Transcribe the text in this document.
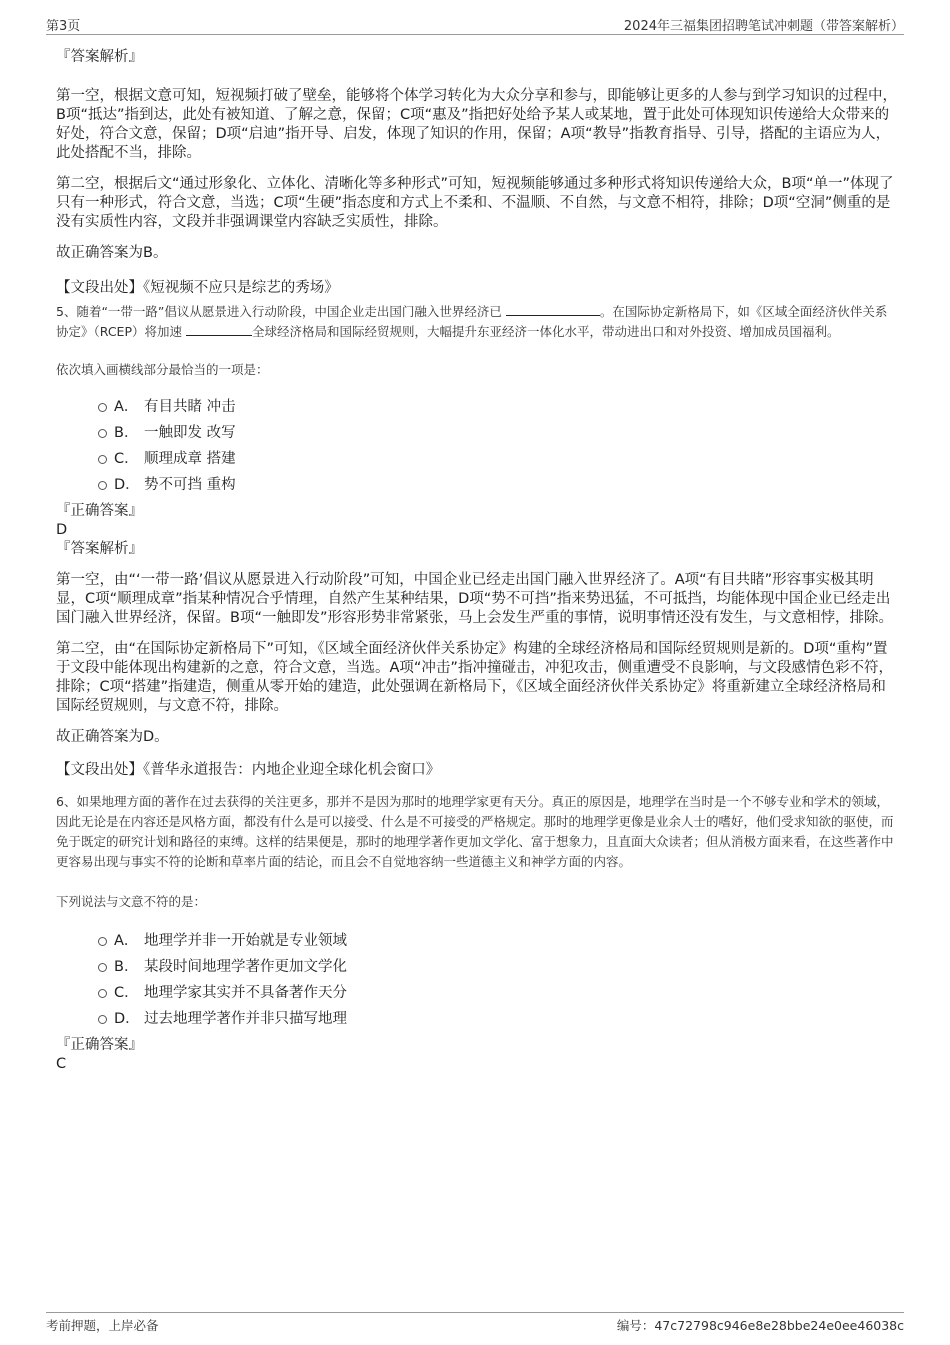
第3页	2024年三福集团招聘笔试冲刺题（带答案解析）

『答案解析』

第一空，根据文意可知，短视频打破了壁垒，能够将个体学习转化为大众分享和参与，即能够让更多的人参与到学习知识的过程中，B项“抵达”指到达，此处有被知道、了解之意，保留；C项“惠及”指把好处给予某人或某地，置于此处可体现知识传递给大众带来的好处，符合文意，保留；D项“启迪”指开导、启发，体现了知识的作用，保留；A项“教导”指教育指导、引导，搭配的主语应为人，此处搭配不当，排除。

第二空，根据后文“通过形象化、立体化、清晰化等多种形式”可知，短视频能够通过多种形式将知识传递给大众，B项“单一”体现了只有一种形式，符合文意，当选；C项“生硬”指态度和方式上不柔和、不温顺、不自然，与文意不相符，排除；D项“空洞”侧重的是没有实质性内容，文段并非强调课堂内容缺乏实质性，排除。

故正确答案为B。

【文段出处】《短视频不应只是综艺的秀场》

5、随着“一带一路”倡议从愿景进入行动阶段，中国企业走出国门融入世界经济已	。在国际协定新格局下，如《区域全面经济伙伴关系协定》（RCEP）将加速	全球经济格局和国际经贸规则，大幅提升东亚经济一体化水平，带动进出口和对外投资、增加成员国福利。

依次填入画横线部分最恰当的一项是：

A． 有目共睹 冲击
B． 一触即发 改写
C． 顺理成章 搭建
D． 势不可挡 重构

『正确答案』

D

『答案解析』

第一空，由“‘一带一路’倡议从愿景进入行动阶段”可知，中国企业已经走出国门融入世界经济了。A项“有目共睹”形容事实极其明显，C项“顺理成章”指某种情况合乎情理，自然产生某种结果，D项“势不可挡”指来势迅猛，不可抵挡，均能体现中国企业已经走出国门融入世界经济，保留。B项“一触即发”形容形势非常紧张，马上会发生严重的事情，说明事情还没有发生，与文意相悖，排除。

第二空，由“在国际协定新格局下”可知，《区域全面经济伙伴关系协定》构建的全球经济格局和国际经贸规则是新的。D项“重构”置于文段中能体现出构建新的之意，符合文意，当选。A项“冲击”指冲撞碰击，冲犯攻击，侧重遭受不良影响，与文段感情色彩不符，排除；C项“搭建”指建造，侧重从零开始的建造，此处强调在新格局下，《区域全面经济伙伴关系协定》将重新建立全球经济格局和国际经贸规则，与文意不符，排除。

故正确答案为D。

【文段出处】《普华永道报告：内地企业迎全球化机会窗口》

6、如果地理方面的著作在过去获得的关注更多，那并不是因为那时的地理学家更有天分。真正的原因是，地理学在当时是一个不够专业和学术的领域，因此无论是在内容还是风格方面，都没有什么是可以接受、什么是不可接受的严格规定。那时的地理学更像是业余人士的嗜好，他们受求知欲的驱使，而免于既定的研究计划和路径的束缚。这样的结果便是，那时的地理学著作更加文学化、富于想象力，且直面大众读者；但从消极方面来看，在这些著作中更容易出现与事实不符的论断和草率片面的结论，而且会不自觉地容纳一些道德主义和神学方面的内容。

下列说法与文意不符的是：

A． 地理学并非一开始就是专业领域
B． 某段时间地理学著作更加文学化
C． 地理学家其实并不具备著作天分
D． 过去地理学著作并非只描写地理

『正确答案』

C

考前押题，上岸必备	编号：47c72798c946e8e28bbe24e0ee46038c
